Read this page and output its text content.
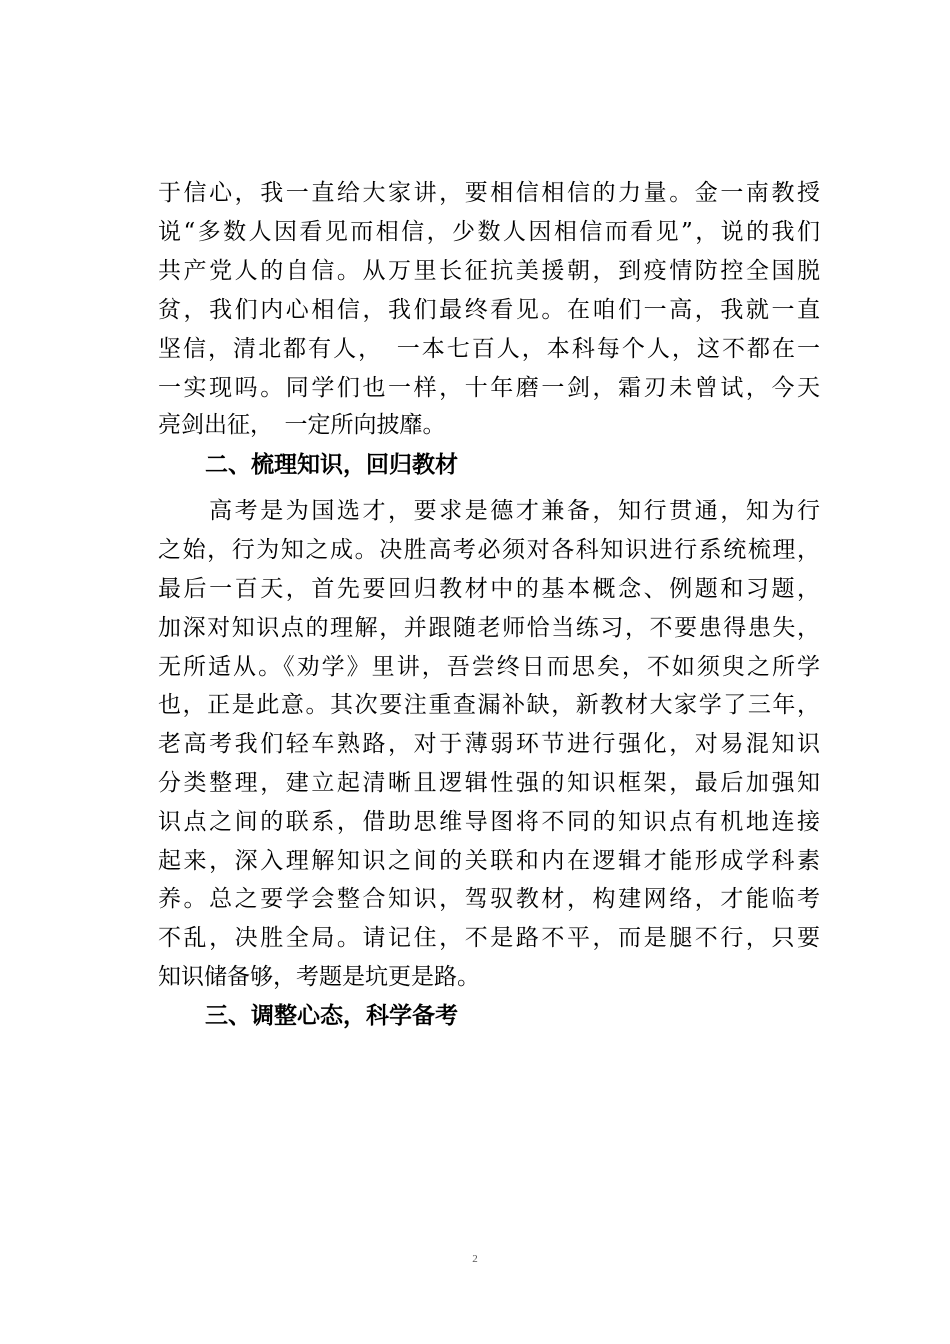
于信心，我一直给大家讲，要相信相信的力量。金一南教授
说“多数人因看见而相信，少数人因相信而看见”，说的我们
共产党人的自信。从万里长征抗美援朝，到疫情防控全国脱
贫，我们内心相信，我们最终看见。在咱们一高，我就一直
坚信，清北都有人，　一本七百人，本科每个人，这不都在一
一实现吗。同学们也一样，十年磨一剑，霜刃未曾试，今天
亮剑出征，　一定所向披靡。
二、梳理知识，回归教材
　　高考是为国选才，要求是德才兼备，知行贯通，知为行
之始，行为知之成。决胜高考必须对各科知识进行系统梳理，
最后一百天，首先要回归教材中的基本概念、例题和习题，
加深对知识点的理解，并跟随老师恰当练习，不要患得患失，
无所适从。《劝学》里讲，吾尝终日而思矣，不如须臾之所学
也，正是此意。其次要注重查漏补缺，新教材大家学了三年，
老高考我们轻车熟路，对于薄弱环节进行强化，对易混知识
分类整理，建立起清晰且逻辑性强的知识框架，最后加强知
识点之间的联系，借助思维导图将不同的知识点有机地连接
起来，深入理解知识之间的关联和内在逻辑才能形成学科素
养。总之要学会整合知识，驾驭教材，构建网络，才能临考
不乱，决胜全局。请记住，不是路不平，而是腿不行，只要
知识储备够，考题是坑更是路。
三、调整心态，科学备考
2
